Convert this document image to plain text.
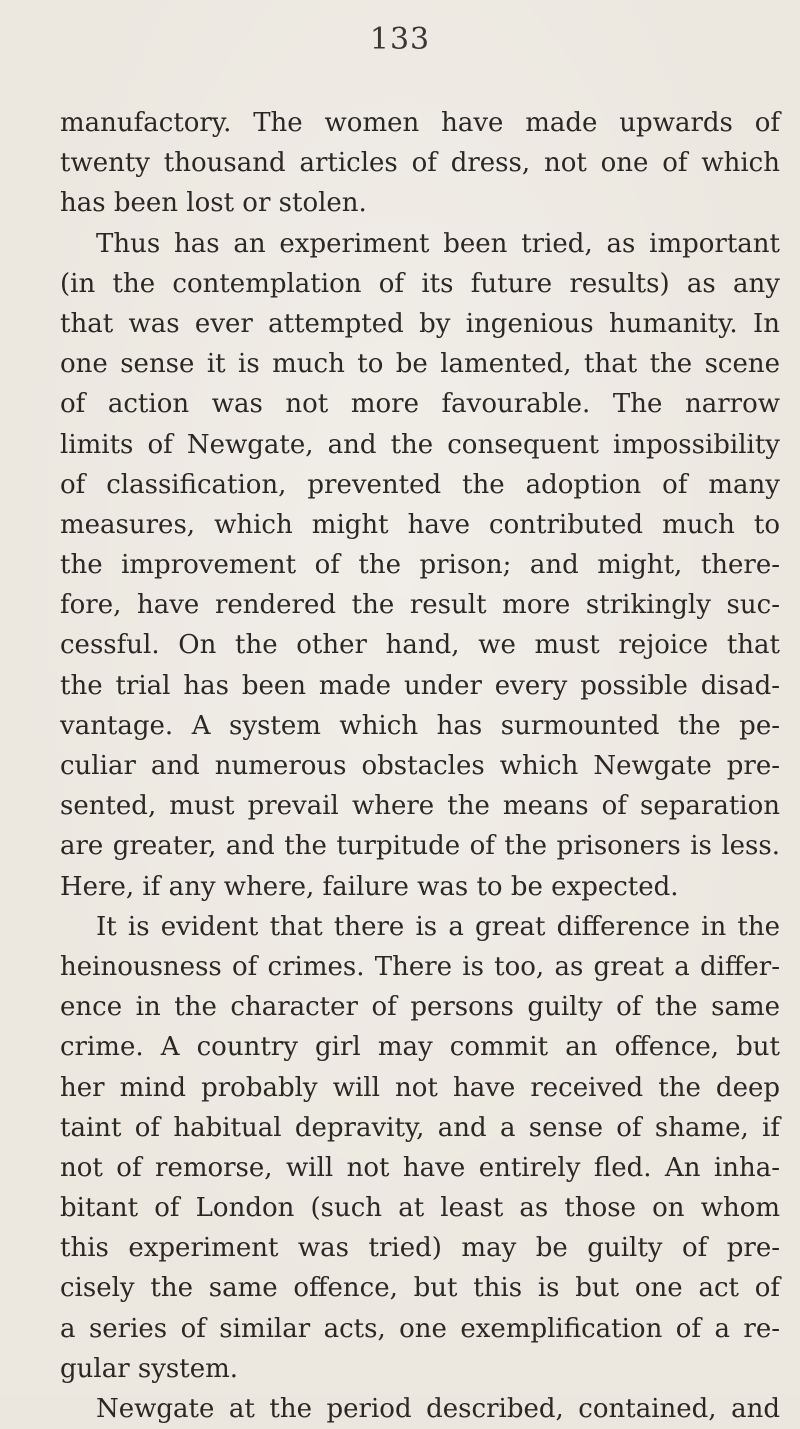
133
manufactory. The women have made upwards of
twenty thousand articles of dress, not one of which
has been lost or stolen.
Thus has an experiment been tried, as important
(in the contemplation of its future results) as any
that was ever attempted by ingenious humanity. In
one sense it is much to be lamented, that the scene
of action was not more favourable. The narrow
limits of Newgate, and the consequent impossibility
of classification, prevented the adoption of many
measures, which might have contributed much to
the improvement of the prison; and might, there-
fore, have rendered the result more strikingly suc-
cessful. On the other hand, we must rejoice that
the trial has been made under every possible disad-
vantage. A system which has surmounted the pe-
culiar and numerous obstacles which Newgate pre-
sented, must prevail where the means of separation
are greater, and the turpitude of the prisoners is less.
Here, if any where, failure was to be expected.
It is evident that there is a great difference in the
heinousness of crimes. There is too, as great a differ-
ence in the character of persons guilty of the same
crime. A country girl may commit an offence, but
her mind probably will not have received the deep
taint of habitual depravity, and a sense of shame, if
not of remorse, will not have entirely fled. An inha-
bitant of London (such at least as those on whom
this experiment was tried) may be guilty of pre-
cisely the same offence, but this is but one act of
a series of similar acts, one exemplification of a re-
gular system.
Newgate at the period described, contained, and
